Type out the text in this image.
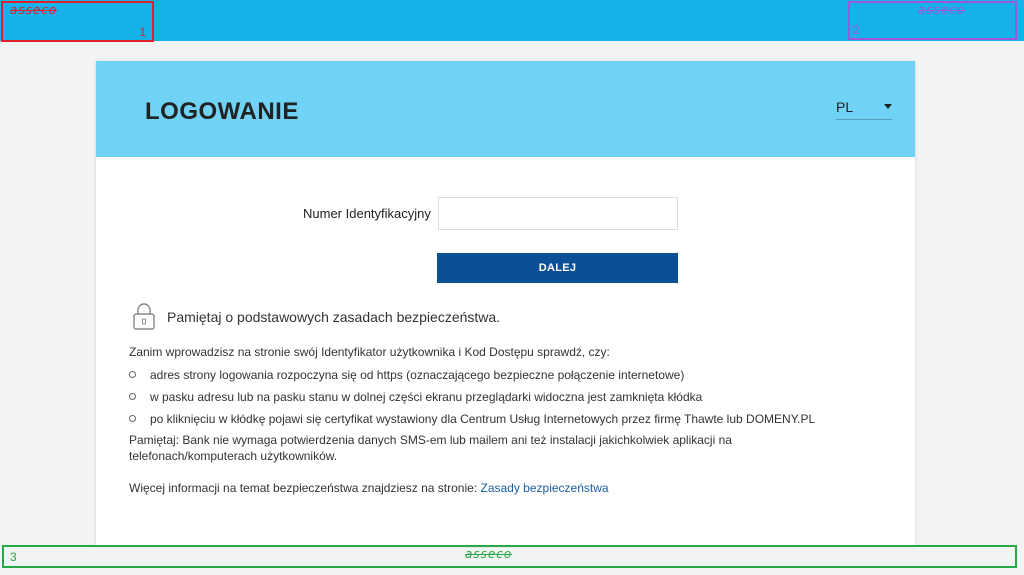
1
asseco
2
asseco
LOGOWANIE	PL
Numer Identyfikacyjny
DALEJ
Pamiętaj o podstawowych zasadach bezpieczeństwa.
Zanim wprowadzisz na stronie swój Identyfikator użytkownika i Kod Dostępu sprawdź, czy:
adres strony logowania rozpoczyna się od https (oznaczającego bezpieczne połączenie internetowe)
w pasku adresu lub na pasku stanu w dolnej części ekranu przeglądarki widoczna jest zamknięta kłódka
po kliknięciu w kłódkę pojawi się certyfikat wystawiony dla Centrum Usług Internetowych przez firmę Thawte lub DOMENY.PL
Pamiętaj: Bank nie wymaga potwierdzenia danych SMS-em lub mailem ani też instalacji jakichkolwiek aplikacji na telefonach/komputerach użytkowników.
Więcej informacji na temat bezpieczeństwa znajdziesz na stronie: Zasady bezpieczeństwa
3	asseco
